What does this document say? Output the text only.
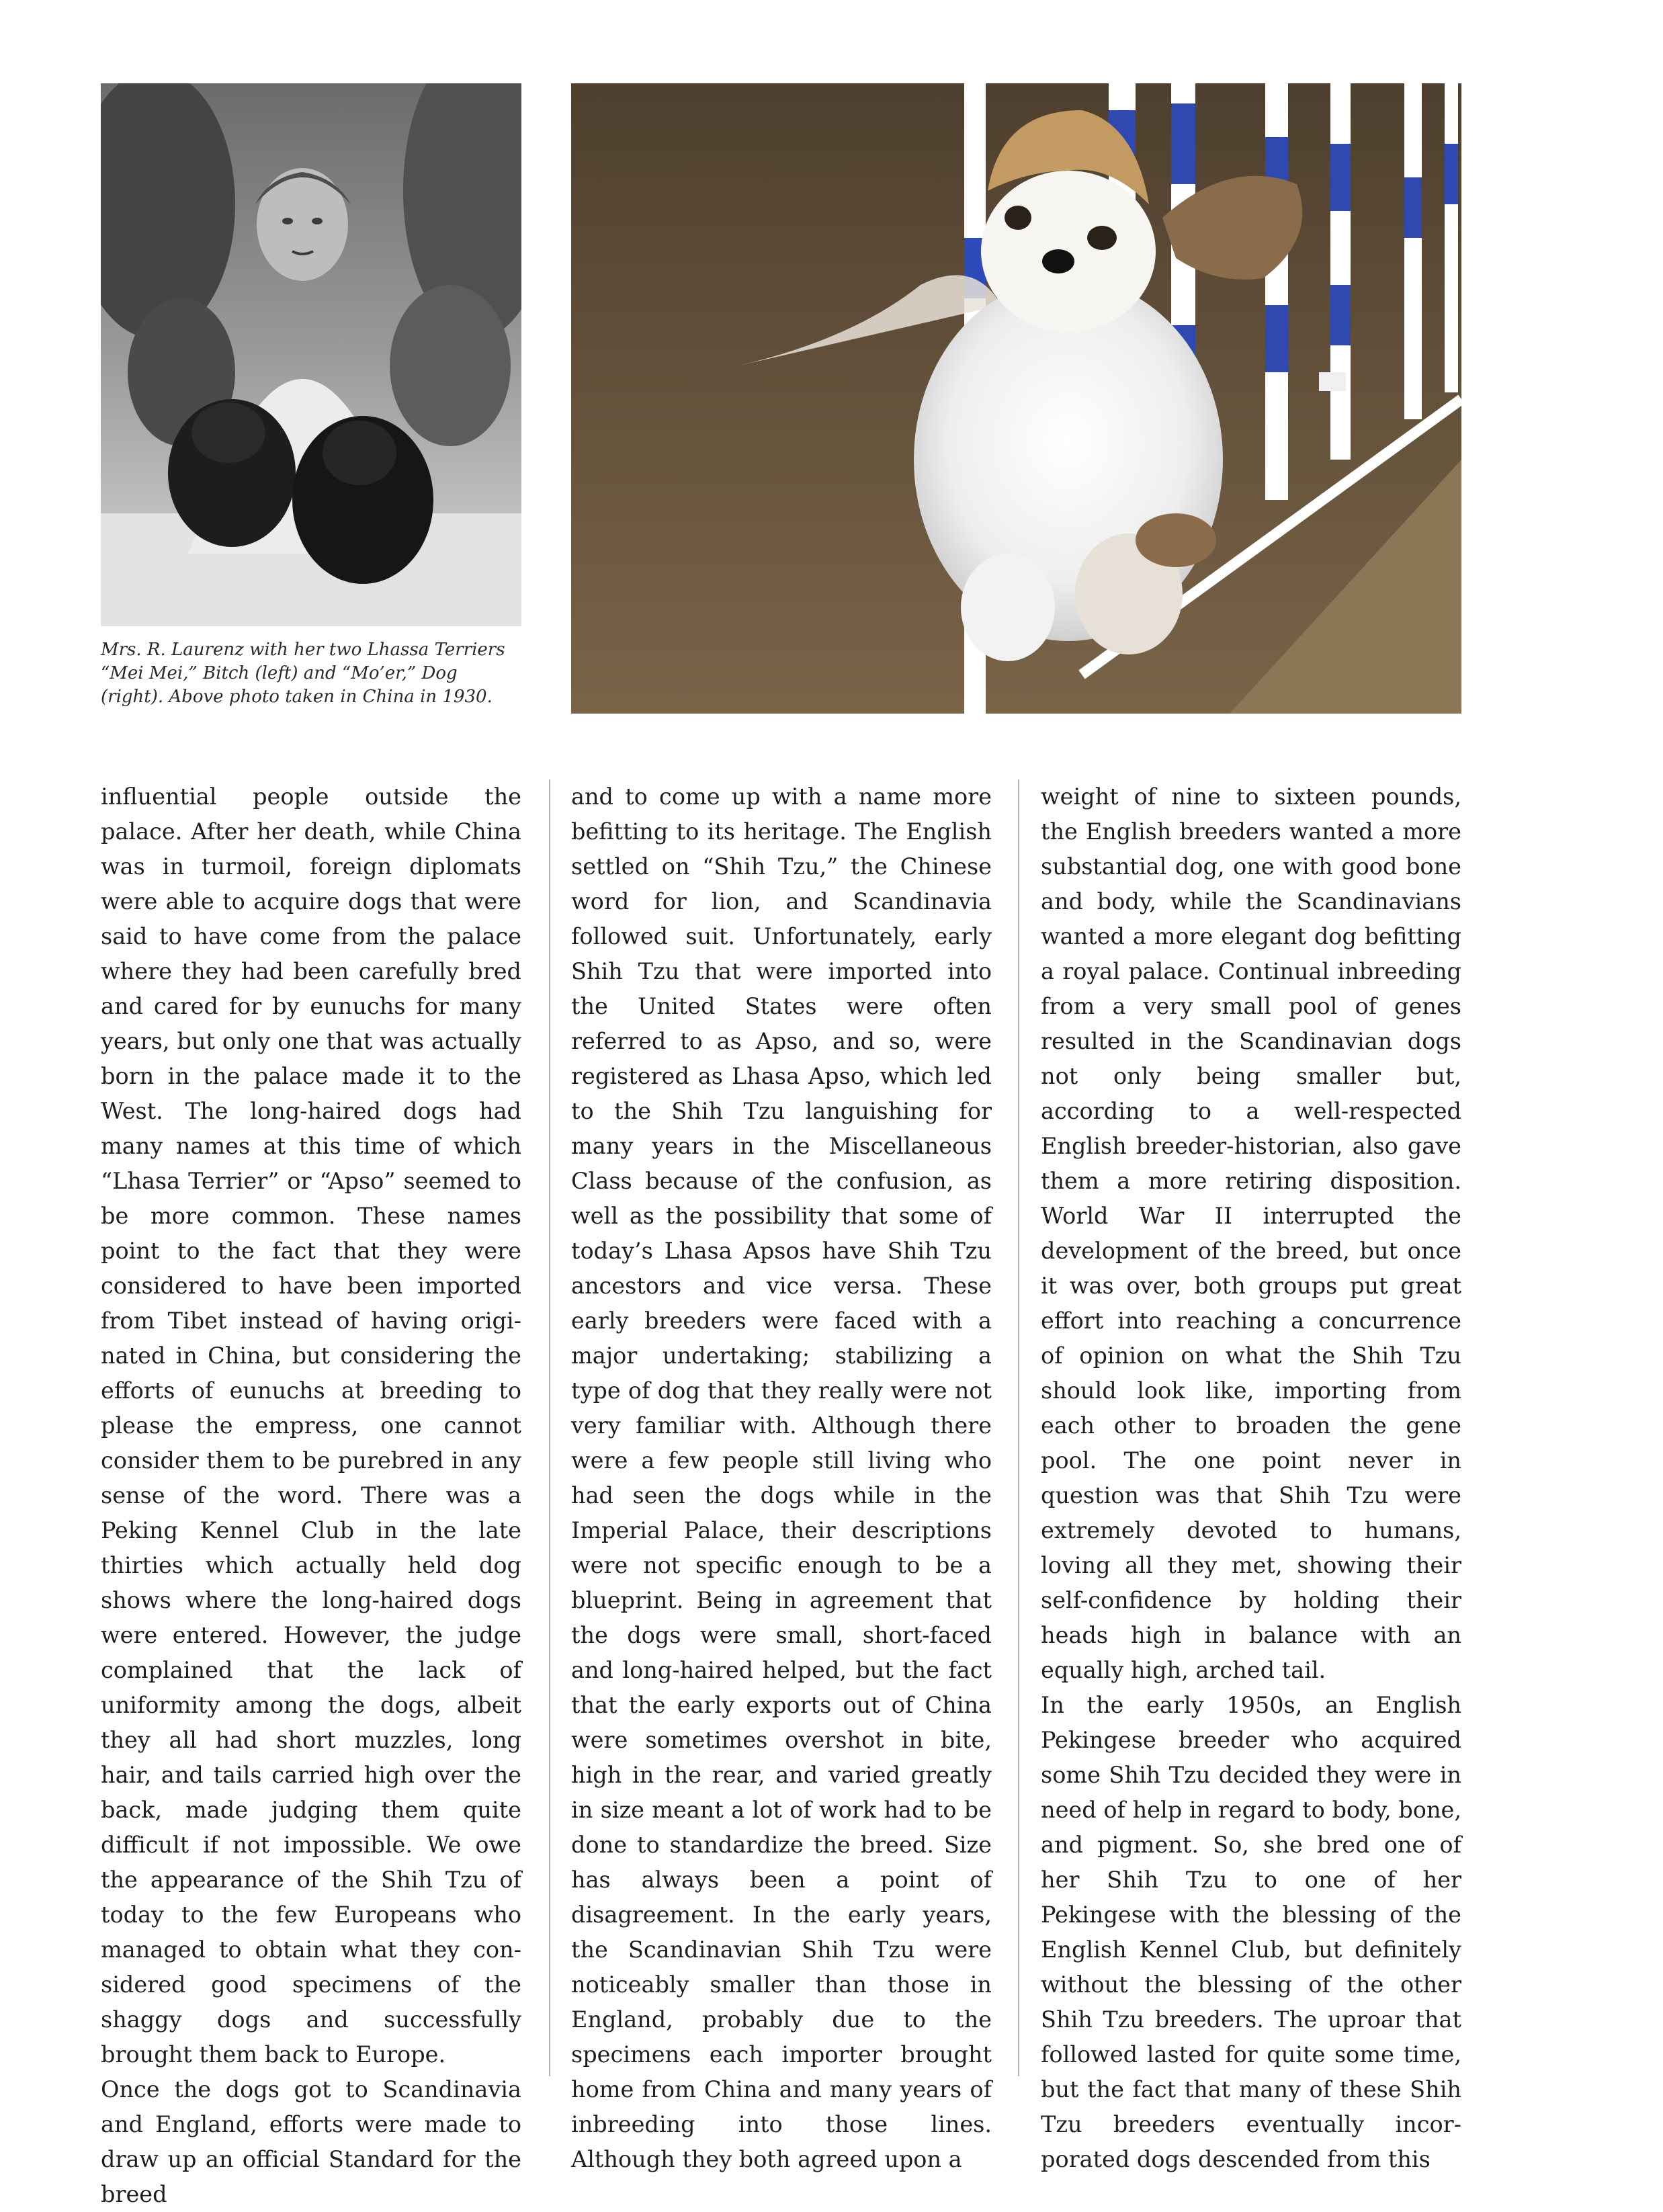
Mrs. R. Laurenz with her two Lhassa Terriers

“Mei Mei,” Bitch (left) and “Mo’er,” Dog

(right). Above photo taken in China in 1930.

influential people outside the palace. After her death, while China was in turmoil, foreign diplomats were able to acquire dogs that were said to have come from the palace where they had been carefully bred and cared for by eunuchs for many years, but only one that was actually born in the palace made it to the West. The long-haired dogs had many names at this time of which “Lhasa Terrier” or “Apso” seemed to be more common. These names point to the fact that they were considered to have been imported from Tibet instead of having originated in China, but considering the efforts of eunuchs at breeding to please the empress, one cannot consider them to be purebred in any sense of the word. There was a Peking Kennel Club in the late thirties which actually held dog shows where the long-haired dogs were entered. However, the judge complained that the lack of uniformity among the dogs, albeit they all had short muzzles, long hair, and tails carried high over the back, made judging them quite difficult if not impossible. We owe the appearance of the Shih Tzu of today to the few Europeans who managed to obtain what they considered good specimens of the shaggy dogs and successfully brought them back to Europe.

Once the dogs got to Scandinavia and England, efforts were made to draw up an official Standard for the breed

and to come up with a name more befitting to its heritage. The English settled on “Shih Tzu,” the Chinese word for lion, and Scandinavia followed suit. Unfortunately, early Shih Tzu that were imported into the United States were often referred to as Apso, and so, were registered as Lhasa Apso, which led to the Shih Tzu languishing for many years in the Miscellaneous Class because of the confusion, as well as the possibility that some of today’s Lhasa Apsos have Shih Tzu ancestors and vice versa. These early breeders were faced with a major undertaking; stabilizing a type of dog that they really were not very familiar with. Although there were a few people still living who had seen the dogs while in the Imperial Palace, their descriptions were not specific enough to be a blueprint. Being in agreement that the dogs were small, short-faced and long-haired helped, but the fact that the early exports out of China were sometimes overshot in bite, high in the rear, and varied greatly in size meant a lot of work had to be done to standardize the breed. Size has always been a point of disagreement. In the early years, the Scandinavian Shih Tzu were noticeably smaller than those in England, probably due to the specimens each importer brought home from China and many years of inbreeding into those lines. Although they both agreed upon a

weight of nine to sixteen pounds, the English breeders wanted a more substantial dog, one with good bone and body, while the Scandinavians wanted a more elegant dog befitting a royal palace. Continual inbreeding from a very small pool of genes resulted in the Scandinavian dogs not only being smaller but, according to a well-respected English breeder-historian, also gave them a more retiring disposition. World War II interrupted the development of the breed, but once it was over, both groups put great effort into reaching a concurrence of opinion on what the Shih Tzu should look like, importing from each other to broaden the gene pool. The one point never in question was that Shih Tzu were extremely devoted to humans, loving all they met, showing their self-confidence by holding their heads high in balance with an equally high, arched tail.

In the early 1950s, an English Pekingese breeder who acquired some Shih Tzu decided they were in need of help in regard to body, bone, and pigment. So, she bred one of her Shih Tzu to one of her Pekingese with the blessing of the English Kennel Club, but definitely without the blessing of the other Shih Tzu breeders. The uproar that followed lasted for quite some time, but the fact that many of these Shih Tzu breeders eventually incorporated dogs descended from this
